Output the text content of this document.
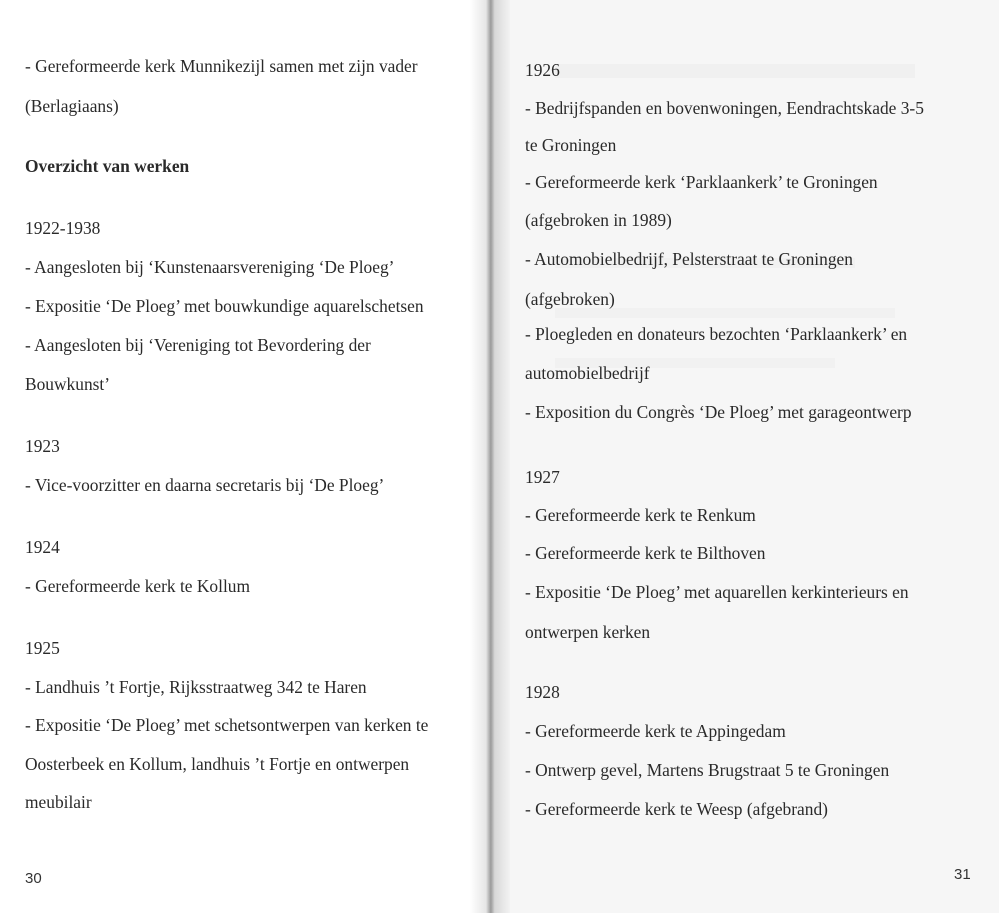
- Gereformeerde kerk Munnikezijl samen met zijn vader
(Berlagiaans)
Overzicht van werken
1922-1938
- Aangesloten bij ‘Kunstenaarsvereniging ‘De Ploeg’
- Expositie ‘De Ploeg’ met bouwkundige aquarelschetsen
- Aangesloten bij ‘Vereniging tot Bevordering der
Bouwkunst’
1923
- Vice-voorzitter en daarna secretaris bij ‘De Ploeg’
1924
- Gereformeerde kerk te Kollum
1925
- Landhuis ’t Fortje, Rijksstraatweg 342 te Haren
- Expositie ‘De Ploeg’ met schetsontwerpen van kerken te
Oosterbeek en Kollum, landhuis ’t Fortje en ontwerpen
meubilair
30
1926
- Bedrijfspanden en bovenwoningen, Eendrachtskade 3-5
te Groningen
- Gereformeerde kerk ‘Parklaankerk’ te Groningen
(afgebroken in 1989)
- Automobielbedrijf, Pelsterstraat te Groningen
(afgebroken)
- Ploegleden en donateurs bezochten ‘Parklaankerk’ en
automobielbedrijf
- Exposition du Congrès ‘De Ploeg’ met garageontwerp
1927
- Gereformeerde kerk te Renkum
- Gereformeerde kerk te Bilthoven
- Expositie ‘De Ploeg’ met aquarellen kerkinterieurs en
ontwerpen kerken
1928
- Gereformeerde kerk te Appingedam
- Ontwerp gevel, Martens Brugstraat 5 te Groningen
- Gereformeerde kerk te Weesp (afgebrand)
31
